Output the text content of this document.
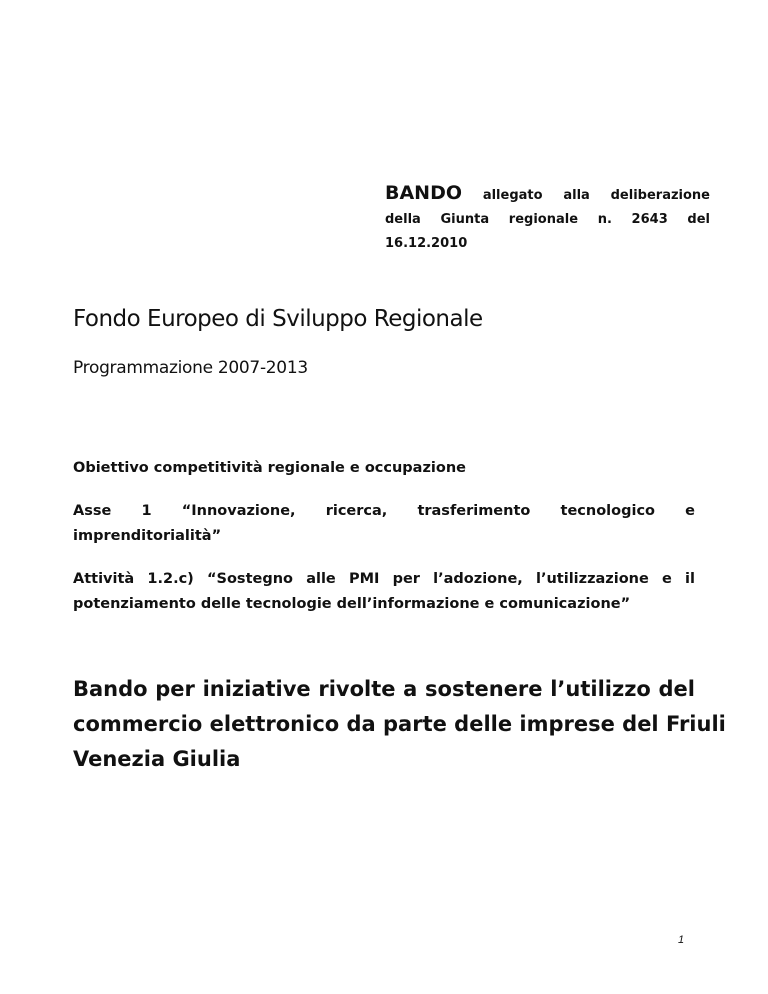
BANDO allegato alla deliberazione
della Giunta regionale n. 2643 del
16.12.2010
Fondo Europeo di Sviluppo Regionale
Programmazione 2007-2013
Obiettivo competitività regionale e occupazione
Asse 1 “Innovazione, ricerca, trasferimento tecnologico e
imprenditorialità”
Attività 1.2.c) “Sostegno alle PMI per l’adozione, l’utilizzazione e il
potenziamento delle tecnologie dell’informazione e comunicazione”
Bando per iniziative rivolte a sostenere l’utilizzo del
commercio elettronico da parte delle imprese del Friuli
Venezia Giulia
1
